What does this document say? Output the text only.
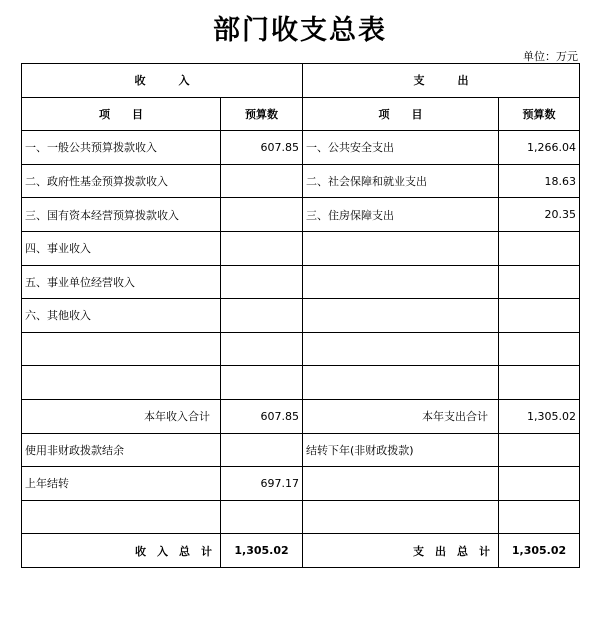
部门收支总表
单位：万元
收　　　入		支　　　出	
项　　目	预算数	项　　目	预算数
一、一般公共预算拨款收入	607.85	一、公共安全支出	1,266.04
二、政府性基金预算拨款收入		二、社会保障和就业支出	18.63
三、国有资本经营预算拨款收入		三、住房保障支出	20.35
四、事业收入			
五、事业单位经营收入			
六、其他收入			

本年收入合计	607.85	本年支出合计	1,305.02
使用非财政拨款结余		结转下年(非财政拨款)	
上年结转	697.17		

收　入　总　计	1,305.02	支　出　总　计	1,305.02
